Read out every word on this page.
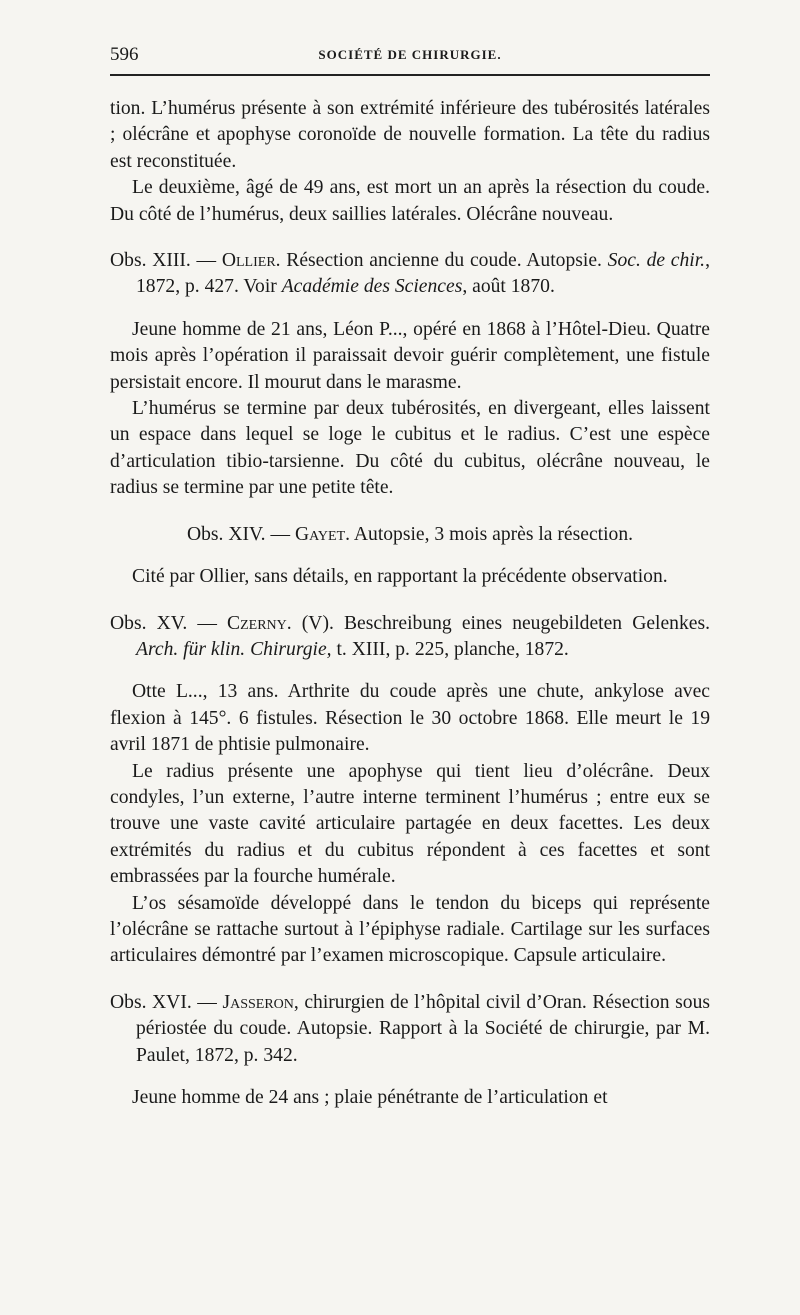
596	SOCIÉTÉ DE CHIRURGIE.

tion. L’humérus présente à son extrémité inférieure des tubérosités latérales ; olécrâne et apophyse coronoïde de nouvelle formation. La tête du radius est reconstituée.

Le deuxième, âgé de 49 ans, est mort un an après la résection du coude. Du côté de l’humérus, deux saillies latérales. Olécrâne nouveau.

Obs. XIII. — Ollier. Résection ancienne du coude. Autopsie. Soc. de chir., 1872, p. 427. Voir Académie des Sciences, août 1870.

Jeune homme de 21 ans, Léon P..., opéré en 1868 à l’Hôtel-Dieu. Quatre mois après l’opération il paraissait devoir guérir complètement, une fistule persistait encore. Il mourut dans le marasme.

L’humérus se termine par deux tubérosités, en divergeant, elles laissent un espace dans lequel se loge le cubitus et le radius. C’est une espèce d’articulation tibio-tarsienne. Du côté du cubitus, olécrâne nouveau, le radius se termine par une petite tête.

Obs. XIV. — Gayet. Autopsie, 3 mois après la résection.

Cité par Ollier, sans détails, en rapportant la précédente observation.

Obs. XV. — Czerny. (V). Beschreibung eines neugebildeten Gelenkes. Arch. für klin. Chirurgie, t. XIII, p. 225, planche, 1872.

Otte L..., 13 ans. Arthrite du coude après une chute, ankylose avec flexion à 145°. 6 fistules. Résection le 30 octobre 1868. Elle meurt le 19 avril 1871 de phtisie pulmonaire.

Le radius présente une apophyse qui tient lieu d’olécrâne. Deux condyles, l’un externe, l’autre interne terminent l’humérus ; entre eux se trouve une vaste cavité articulaire partagée en deux facettes. Les deux extrémités du radius et du cubitus répondent à ces facettes et sont embrassées par la fourche humérale.

L’os sésamoïde développé dans le tendon du biceps qui représente l’olécrâne se rattache surtout à l’épiphyse radiale. Cartilage sur les surfaces articulaires démontré par l’examen microscopique. Capsule articulaire.

Obs. XVI. — Jasseron, chirurgien de l’hôpital civil d’Oran. Résection sous périostée du coude. Autopsie. Rapport à la Société de chirurgie, par M. Paulet, 1872, p. 342.

Jeune homme de 24 ans ; plaie pénétrante de l’articulation et
